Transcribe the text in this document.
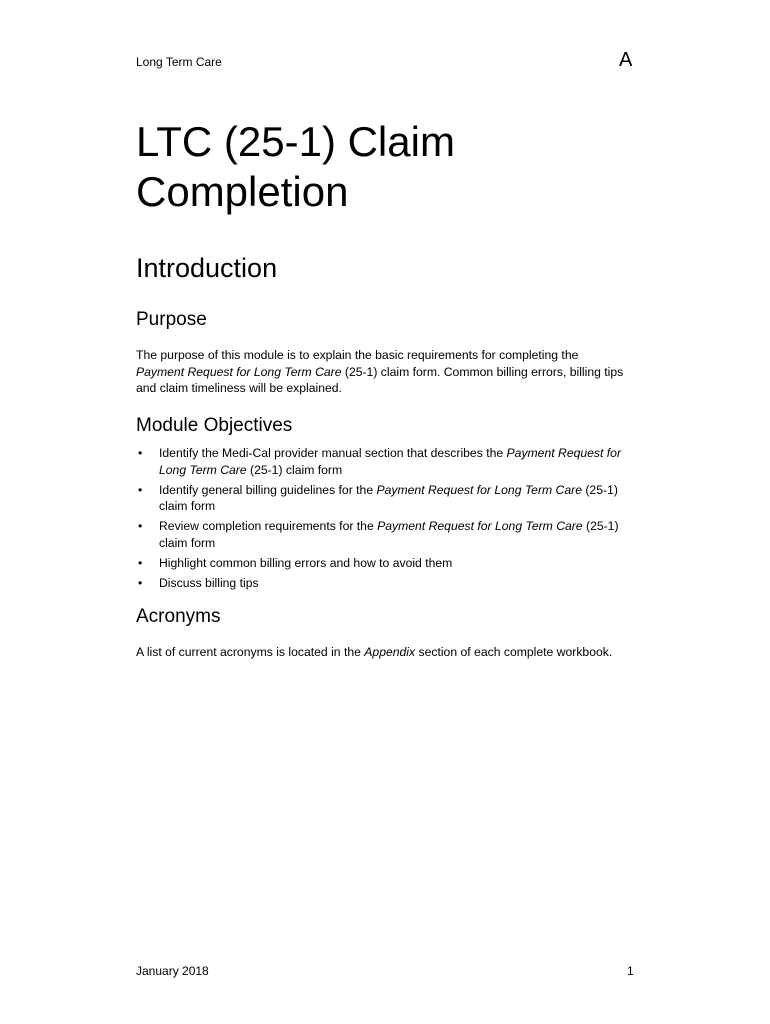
Long Term Care	A
LTC (25-1) Claim
Completion
Introduction
Purpose
The purpose of this module is to explain the basic requirements for completing the Payment Request for Long Term Care (25-1) claim form. Common billing errors, billing tips and claim timeliness will be explained.
Module Objectives
• Identify the Medi-Cal provider manual section that describes the Payment Request for Long Term Care (25-1) claim form
• Identify general billing guidelines for the Payment Request for Long Term Care (25-1) claim form
• Review completion requirements for the Payment Request for Long Term Care (25-1) claim form
• Highlight common billing errors and how to avoid them
• Discuss billing tips
Acronyms
A list of current acronyms is located in the Appendix section of each complete workbook.
January 2018	1
